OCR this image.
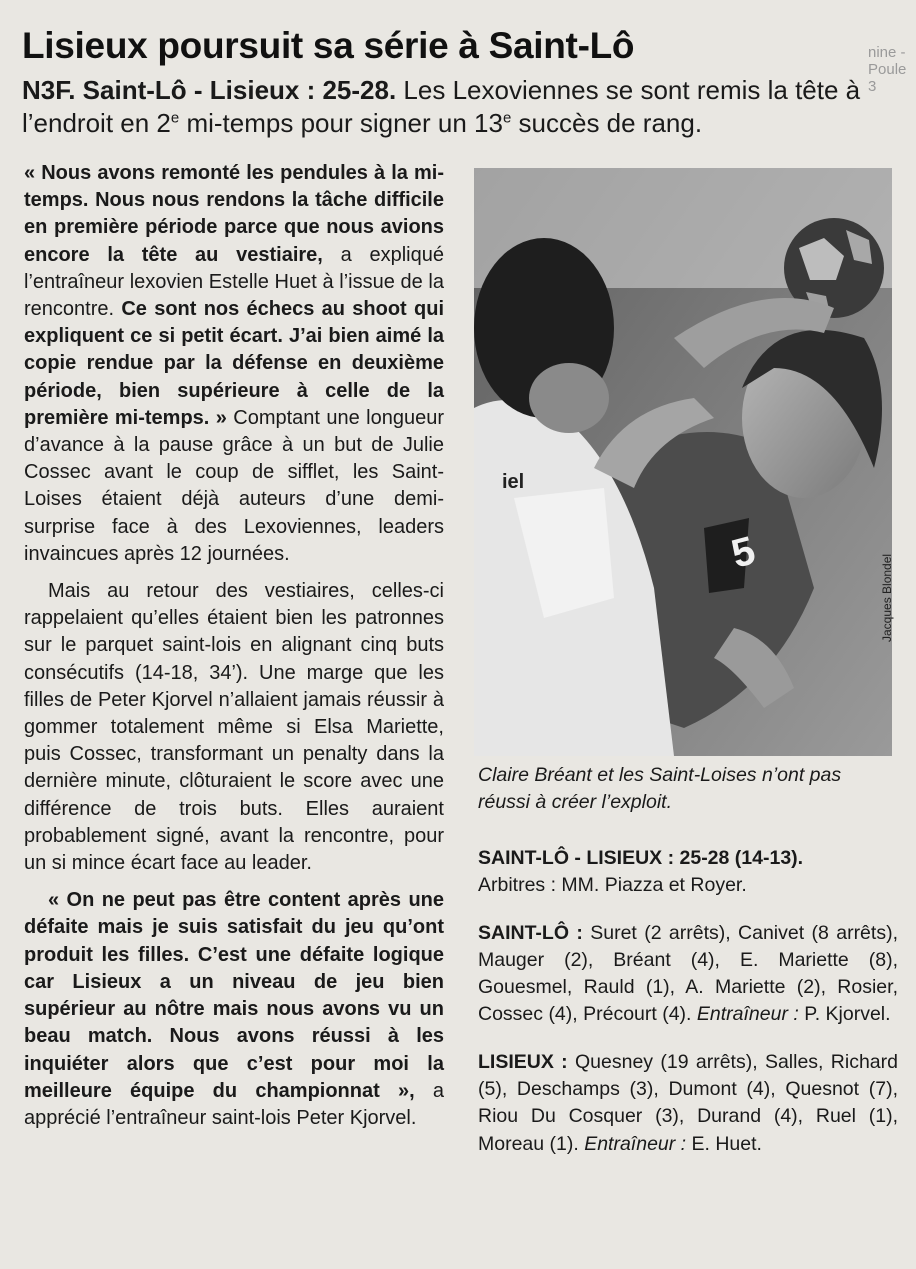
nine - Poule 3
Lisieux poursuit sa série à Saint-Lô
N3F. Saint-Lô - Lisieux : 25-28. Les Lexoviennes se sont remis la tête à l’endroit en 2e mi-temps pour signer un 13e succès de rang.

« Nous avons remonté les pendules à la mi-temps. Nous nous rendons la tâche difficile en première période parce que nous avions encore la tête au vestiaire, a expliqué l’entraîneur lexovien Estelle Huet à l’issue de la rencontre. Ce sont nos échecs au shoot qui expliquent ce si petit écart. J’ai bien aimé la copie rendue par la défense en deuxième période, bien supérieure à celle de la première mi-temps. » Comptant une longueur d’avance à la pause grâce à un but de Julie Cossec avant le coup de sifflet, les Saint-Loises étaient déjà auteurs d’une demi-surprise face à des Lexoviennes, leaders invaincues après 12 journées.

Mais au retour des vestiaires, celles-ci rappelaient qu’elles étaient bien les patronnes sur le parquet saint-lois en alignant cinq buts consécutifs (14-18, 34’). Une marge que les filles de Peter Kjorvel n’allaient jamais réussir à gommer totalement même si Elsa Mariette, puis Cossec, transformant un penalty dans la dernière minute, clôturaient le score avec une différence de trois buts. Elles auraient probablement signé, avant la rencontre, pour un si mince écart face au leader.

« On ne peut pas être content après une défaite mais je suis satisfait du jeu qu’ont produit les filles. C’est une défaite logique car Lisieux a un niveau de jeu bien supérieur au nôtre mais nous avons vu un beau match. Nous avons réussi à les inquiéter alors que c’est pour moi la meilleure équipe du championnat », a apprécié l’entraîneur saint-lois Peter Kjorvel.

iel
5
Jacques Blondel
Claire Bréant et les Saint-Loises n’ont pas réussi à créer l’exploit.

SAINT-LÔ - LISIEUX : 25-28 (14-13).

Arbitres : MM. Piazza et Royer.

SAINT-LÔ : Suret (2 arrêts), Canivet (8 arrêts), Mauger (2), Bréant (4), E. Mariette (8), Gouesmel, Rauld (1), A. Mariette (2), Rosier, Cossec (4), Précourt (4). Entraîneur : P. Kjorvel.

LISIEUX : Quesney (19 arrêts), Salles, Richard (5), Deschamps (3), Dumont (4), Quesnot (7), Riou Du Cosquer (3), Durand (4), Ruel (1), Moreau (1). Entraîneur : E. Huet.
